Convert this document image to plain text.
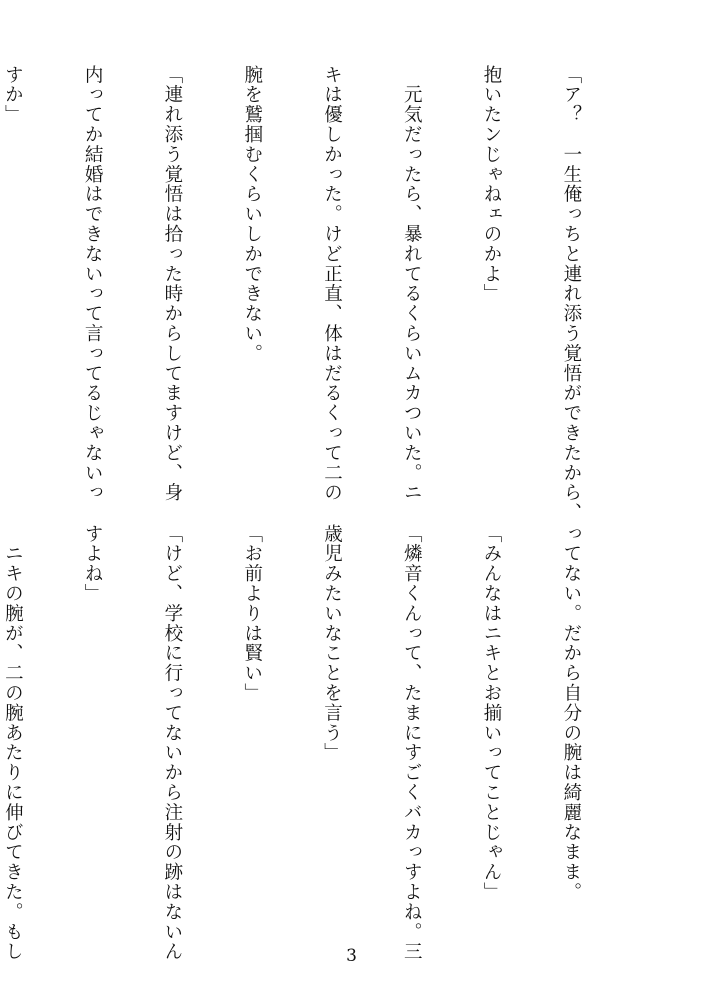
「ア？　一生俺っちと連れ添う覚悟ができたから、

抱いたンじゃねェのかよ」

　元気だったら、暴れてるくらいムカついた。ニ

キは優しかった。けど正直、体はだるくって二の

腕を鷲掴むくらいしかできない。

「連れ添う覚悟は拾った時からしてますけど、身

内ってか結婚はできないって言ってるじゃないっ

すか」

ってない。だから自分の腕は綺麗なまま。

「みんなはニキとお揃いってことじゃん」

「燐音くんって、たまにすごくバカっすよね。三

歳児みたいなことを言う」

「お前よりは賢い」

「けど、学校に行ってないから注射の跡はないん

すよね」

　ニキの腕が、二の腕あたりに伸びてきた。もし

	3
